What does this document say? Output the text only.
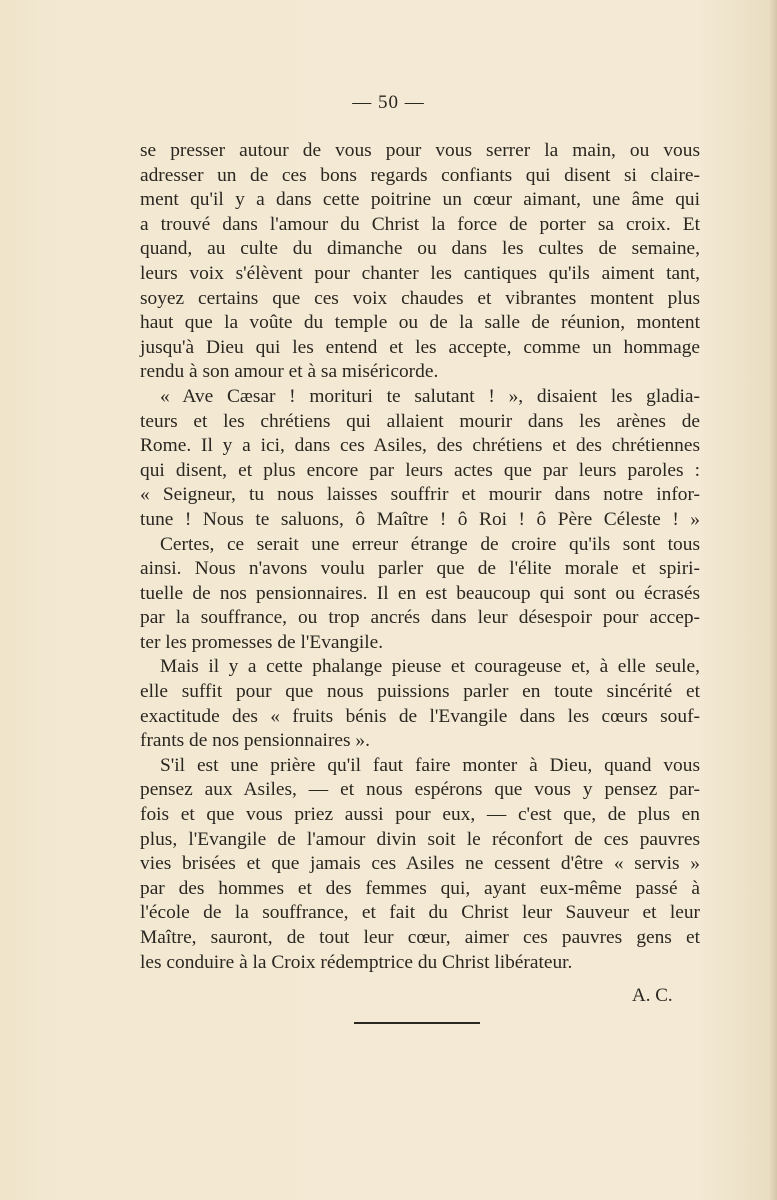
— 50 —
se presser autour de vous pour vous serrer la main, ou vous
adresser un de ces bons regards confiants qui disent si claire-
ment qu'il y a dans cette poitrine un cœur aimant, une âme qui
a trouvé dans l'amour du Christ la force de porter sa croix. Et
quand, au culte du dimanche ou dans les cultes de semaine,
leurs voix s'élèvent pour chanter les cantiques qu'ils aiment tant,
soyez certains que ces voix chaudes et vibrantes montent plus
haut que la voûte du temple ou de la salle de réunion, montent
jusqu'à Dieu qui les entend et les accepte, comme un hommage
rendu à son amour et à sa miséricorde.
« Ave Cæsar ! morituri te salutant ! », disaient les gladia-
teurs et les chrétiens qui allaient mourir dans les arènes de
Rome. Il y a ici, dans ces Asiles, des chrétiens et des chrétiennes
qui disent, et plus encore par leurs actes que par leurs paroles :
« Seigneur, tu nous laisses souffrir et mourir dans notre infor-
tune ! Nous te saluons, ô Maître ! ô Roi ! ô Père Céleste ! »
Certes, ce serait une erreur étrange de croire qu'ils sont tous
ainsi. Nous n'avons voulu parler que de l'élite morale et spiri-
tuelle de nos pensionnaires. Il en est beaucoup qui sont ou écrasés
par la souffrance, ou trop ancrés dans leur désespoir pour accep-
ter les promesses de l'Evangile.
Mais il y a cette phalange pieuse et courageuse et, à elle seule,
elle suffit pour que nous puissions parler en toute sincérité et
exactitude des « fruits bénis de l'Evangile dans les cœurs souf-
frants de nos pensionnaires ».
S'il est une prière qu'il faut faire monter à Dieu, quand vous
pensez aux Asiles, — et nous espérons que vous y pensez par-
fois et que vous priez aussi pour eux, — c'est que, de plus en
plus, l'Evangile de l'amour divin soit le réconfort de ces pauvres
vies brisées et que jamais ces Asiles ne cessent d'être « servis »
par des hommes et des femmes qui, ayant eux-même passé à
l'école de la souffrance, et fait du Christ leur Sauveur et leur
Maître, sauront, de tout leur cœur, aimer ces pauvres gens et
les conduire à la Croix rédemptrice du Christ libérateur.
A. C.
